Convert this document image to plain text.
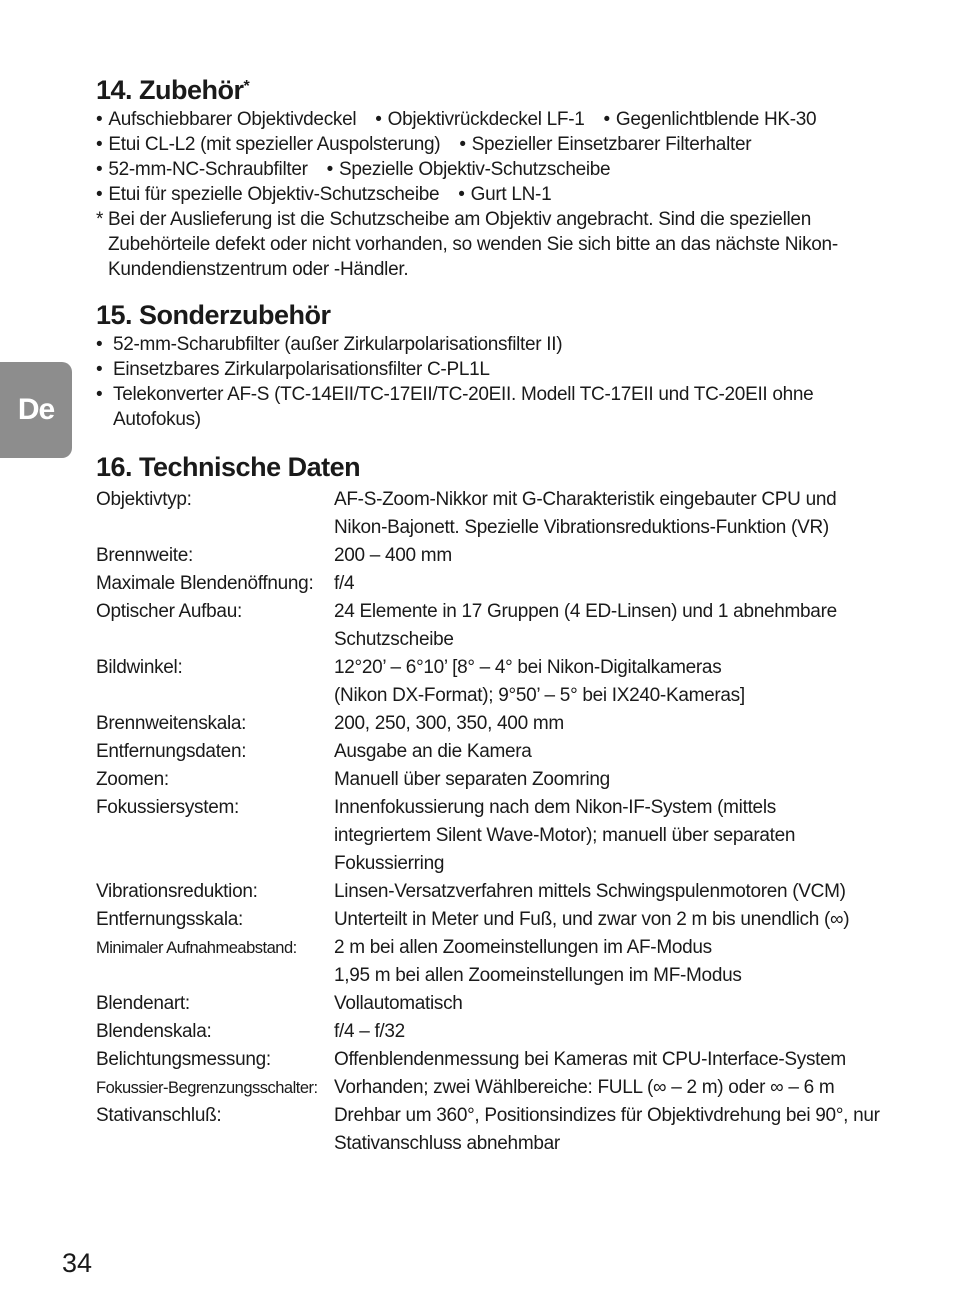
De
14. Zubehör*
• Aufschiebbarer Objektivdeckel • Objektivrückdeckel LF-1 • Gegenlichtblende HK-30
• Etui CL-L2 (mit spezieller Auspolsterung) • Spezieller Einsetzbarer Filterhalter
• 52-mm-NC-Schraubfilter • Spezielle Objektiv-Schutzscheibe
• Etui für spezielle Objektiv-Schutzscheibe • Gurt LN-1
* Bei der Auslieferung ist die Schutzscheibe am Objektiv angebracht. Sind die speziellen Zubehörteile defekt oder nicht vorhanden, so wenden Sie sich bitte an das nächste Nikon-Kundendienstzentrum oder -Händler.
15. Sonderzubehör
• 52-mm-Scharubfilter (außer Zirkularpolarisationsfilter II)
• Einsetzbares Zirkularpolarisationsfilter C-PL1L
• Telekonverter AF-S (TC-14EII/TC-17EII/TC-20EII. Modell TC-17EII und TC-20EII ohne Autofokus)
16. Technische Daten
Objektivtyp:	AF-S-Zoom-Nikkor mit G-Charakteristik eingebauter CPU und
Nikon-Bajonett. Spezielle Vibrationsreduktions-Funktion (VR)
Brennweite:	200 – 400 mm
Maximale Blendenöffnung:	f/4
Optischer Aufbau:	24 Elemente in 17 Gruppen (4 ED-Linsen) und 1 abnehmbare
Schutzscheibe
Bildwinkel:	12°20’ – 6°10’ [8° – 4° bei Nikon-Digitalkameras
(Nikon DX-Format); 9°50’ – 5° bei IX240-Kameras]
Brennweitenskala:	200, 250, 300, 350, 400 mm
Entfernungsdaten:	Ausgabe an die Kamera
Zoomen:	Manuell über separaten Zoomring
Fokussiersystem:	Innenfokussierung nach dem Nikon-IF-System (mittels
integriertem Silent Wave-Motor); manuell über separaten
Fokussierring
Vibrationsreduktion:	Linsen-Versatzverfahren mittels Schwingspulenmotoren (VCM)
Entfernungsskala:	Unterteilt in Meter und Fuß, und zwar von 2 m bis unendlich (∞)
Minimaler Aufnahmeabstand:	2 m bei allen Zoomeinstellungen im AF-Modus
1,95 m bei allen Zoomeinstellungen im MF-Modus
Blendenart:	Vollautomatisch
Blendenskala:	f/4 – f/32
Belichtungsmessung:	Offenblendenmessung bei Kameras mit CPU-Interface-System
Fokussier-Begrenzungsschalter: Vorhanden; zwei Wählbereiche: FULL (∞ – 2 m) oder ∞ – 6 m
Stativanschluß:	Drehbar um 360°, Positionsindizes für Objektivdrehung bei 90°, nur
Stativanschluss abnehmbar
34
